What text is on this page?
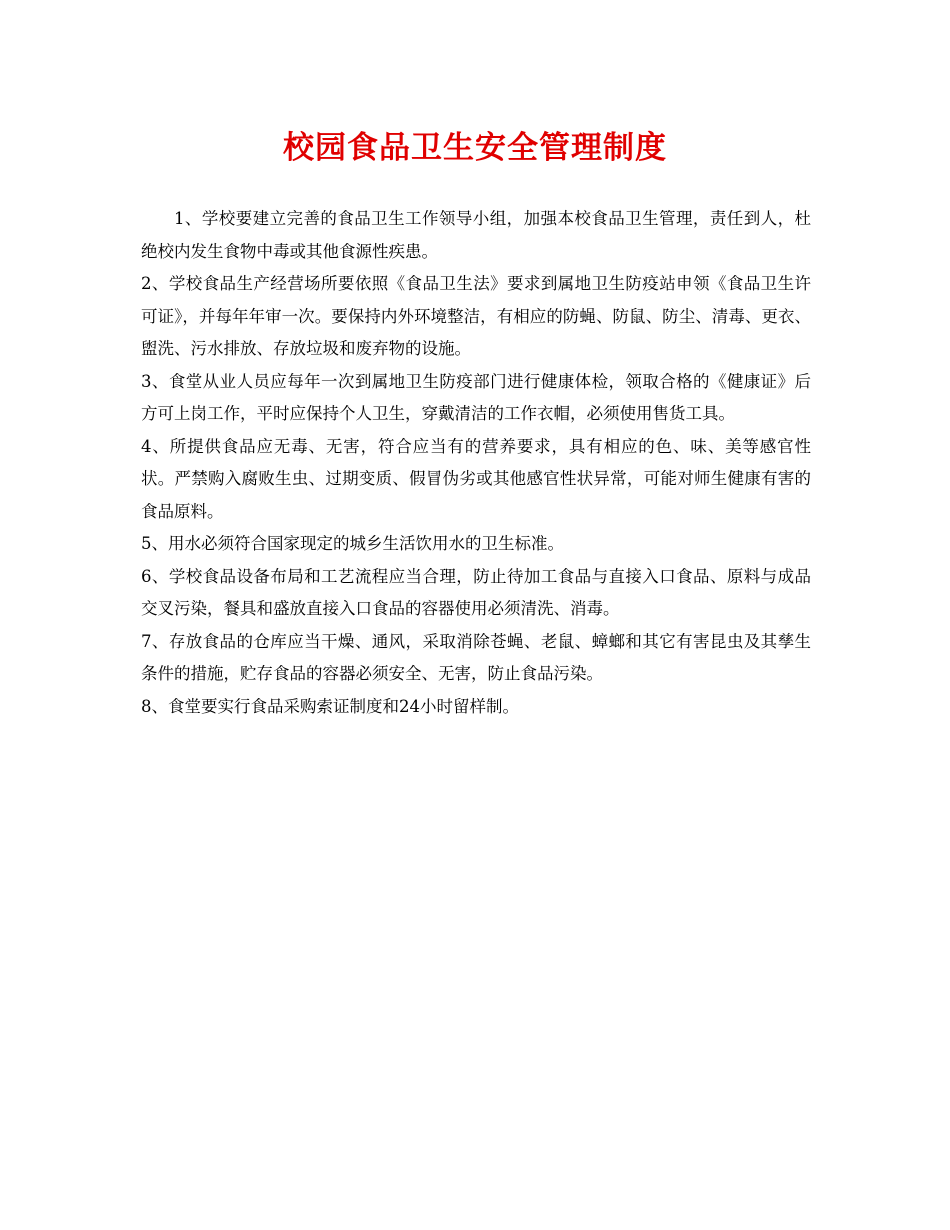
校园食品卫生安全管理制度

1、学校要建立完善的食品卫生工作领导小组，加强本校食品卫生管理，责任到人，杜绝校内发生食物中毒或其他食源性疾患。

2、学校食品生产经营场所要依照《食品卫生法》要求到属地卫生防疫站申领《食品卫生许可证》，并每年年审一次。要保持内外环境整洁，有相应的防蝇、防鼠、防尘、清毒、更衣、盥洗、污水排放、存放垃圾和废弃物的设施。

3、食堂从业人员应每年一次到属地卫生防疫部门进行健康体检，领取合格的《健康证》后方可上岗工作，平时应保持个人卫生，穿戴清洁的工作衣帽，必须使用售货工具。

4、所提供食品应无毒、无害，符合应当有的营养要求，具有相应的色、味、美等感官性状。严禁购入腐败生虫、过期变质、假冒伪劣或其他感官性状异常，可能对师生健康有害的食品原料。

5、用水必须符合国家现定的城乡生活饮用水的卫生标准。

6、学校食品设备布局和工艺流程应当合理，防止待加工食品与直接入口食品、原料与成品交叉污染，餐具和盛放直接入口食品的容器使用必须清洗、消毒。

7、存放食品的仓库应当干燥、通风，采取消除苍蝇、老鼠、蟑螂和其它有害昆虫及其孳生条件的措施，贮存食品的容器必须安全、无害，防止食品污染。

8、食堂要实行食品采购索证制度和24小时留样制。
